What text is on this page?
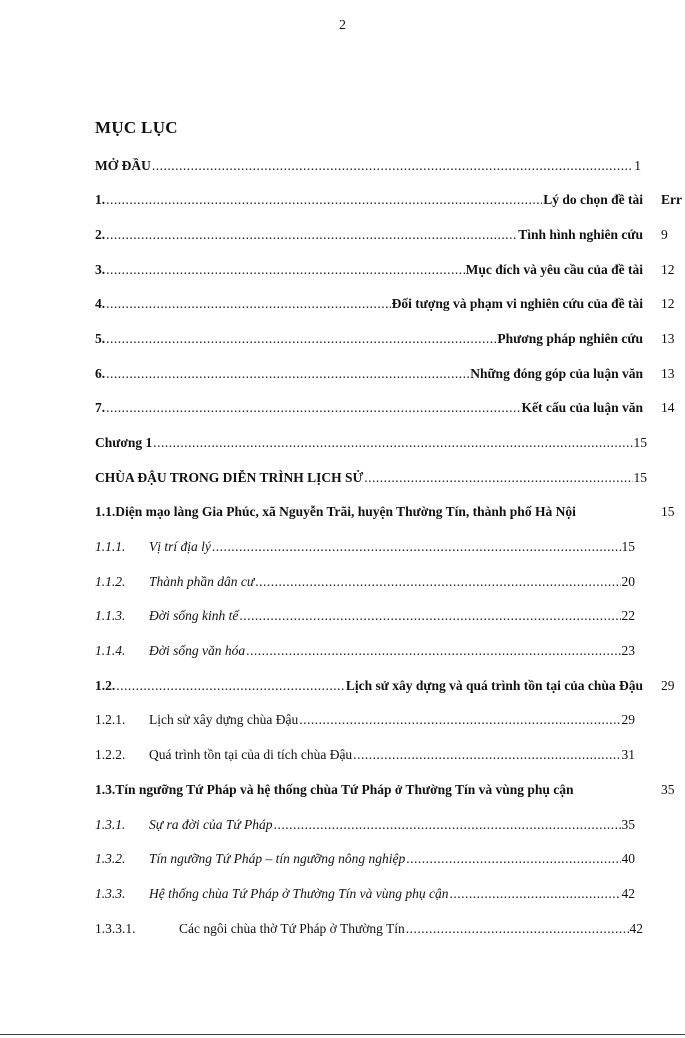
2
MỤC LỤC
MỞ ĐẦU .....	1
1. .....	Lý do chọn đề tài Err
2. .....	Tình hình nghiên cứu 9
3. .....	Mục đích và yêu cầu của đề tài 12
4. .....	Đối tượng và phạm vi nghiên cứu của đề tài 12
5. .....	Phương pháp nghiên cứu 13
6. .....	Những đóng góp của luận văn 13
7. .....	Kết cấu của luận văn 14
Chương 1 .....	15
CHÙA ĐẬU TRONG DIỄN TRÌNH LỊCH SỬ .....	15
1.1.Diện mạo làng Gia Phúc, xã Nguyễn Trãi, huyện Thường Tín, thành phố Hà Nội	15
1.1.1.	Vị trí địa lý .....	15
1.1.2.	Thành phần dân cư .....	20
1.1.3.	Đời sống kinh tế .....	22
1.1.4.	Đời sống văn hóa .....	23
1.2. .....	Lịch sử xây dựng và quá trình tồn tại của chùa Đậu 29
1.2.1.	Lịch sử xây dựng chùa Đậu .....	29
1.2.2.	Quá trình tồn tại của di tích chùa Đậu .....	31
1.3.Tín ngưỡng Tứ Pháp và hệ thống chùa Tứ Pháp ở Thường Tín và vùng phụ cận	35
1.3.1.	Sự ra đời của Tứ Pháp .....	35
1.3.2.	Tín ngưỡng Tứ Pháp – tín ngưỡng nông nghiệp .....	40
1.3.3.	Hệ thống chùa Tứ Pháp ở Thường Tín và vùng phụ cận .....	42
1.3.3.1.	Các ngôi chùa thờ Tứ Pháp ở Thường Tín .....	42
